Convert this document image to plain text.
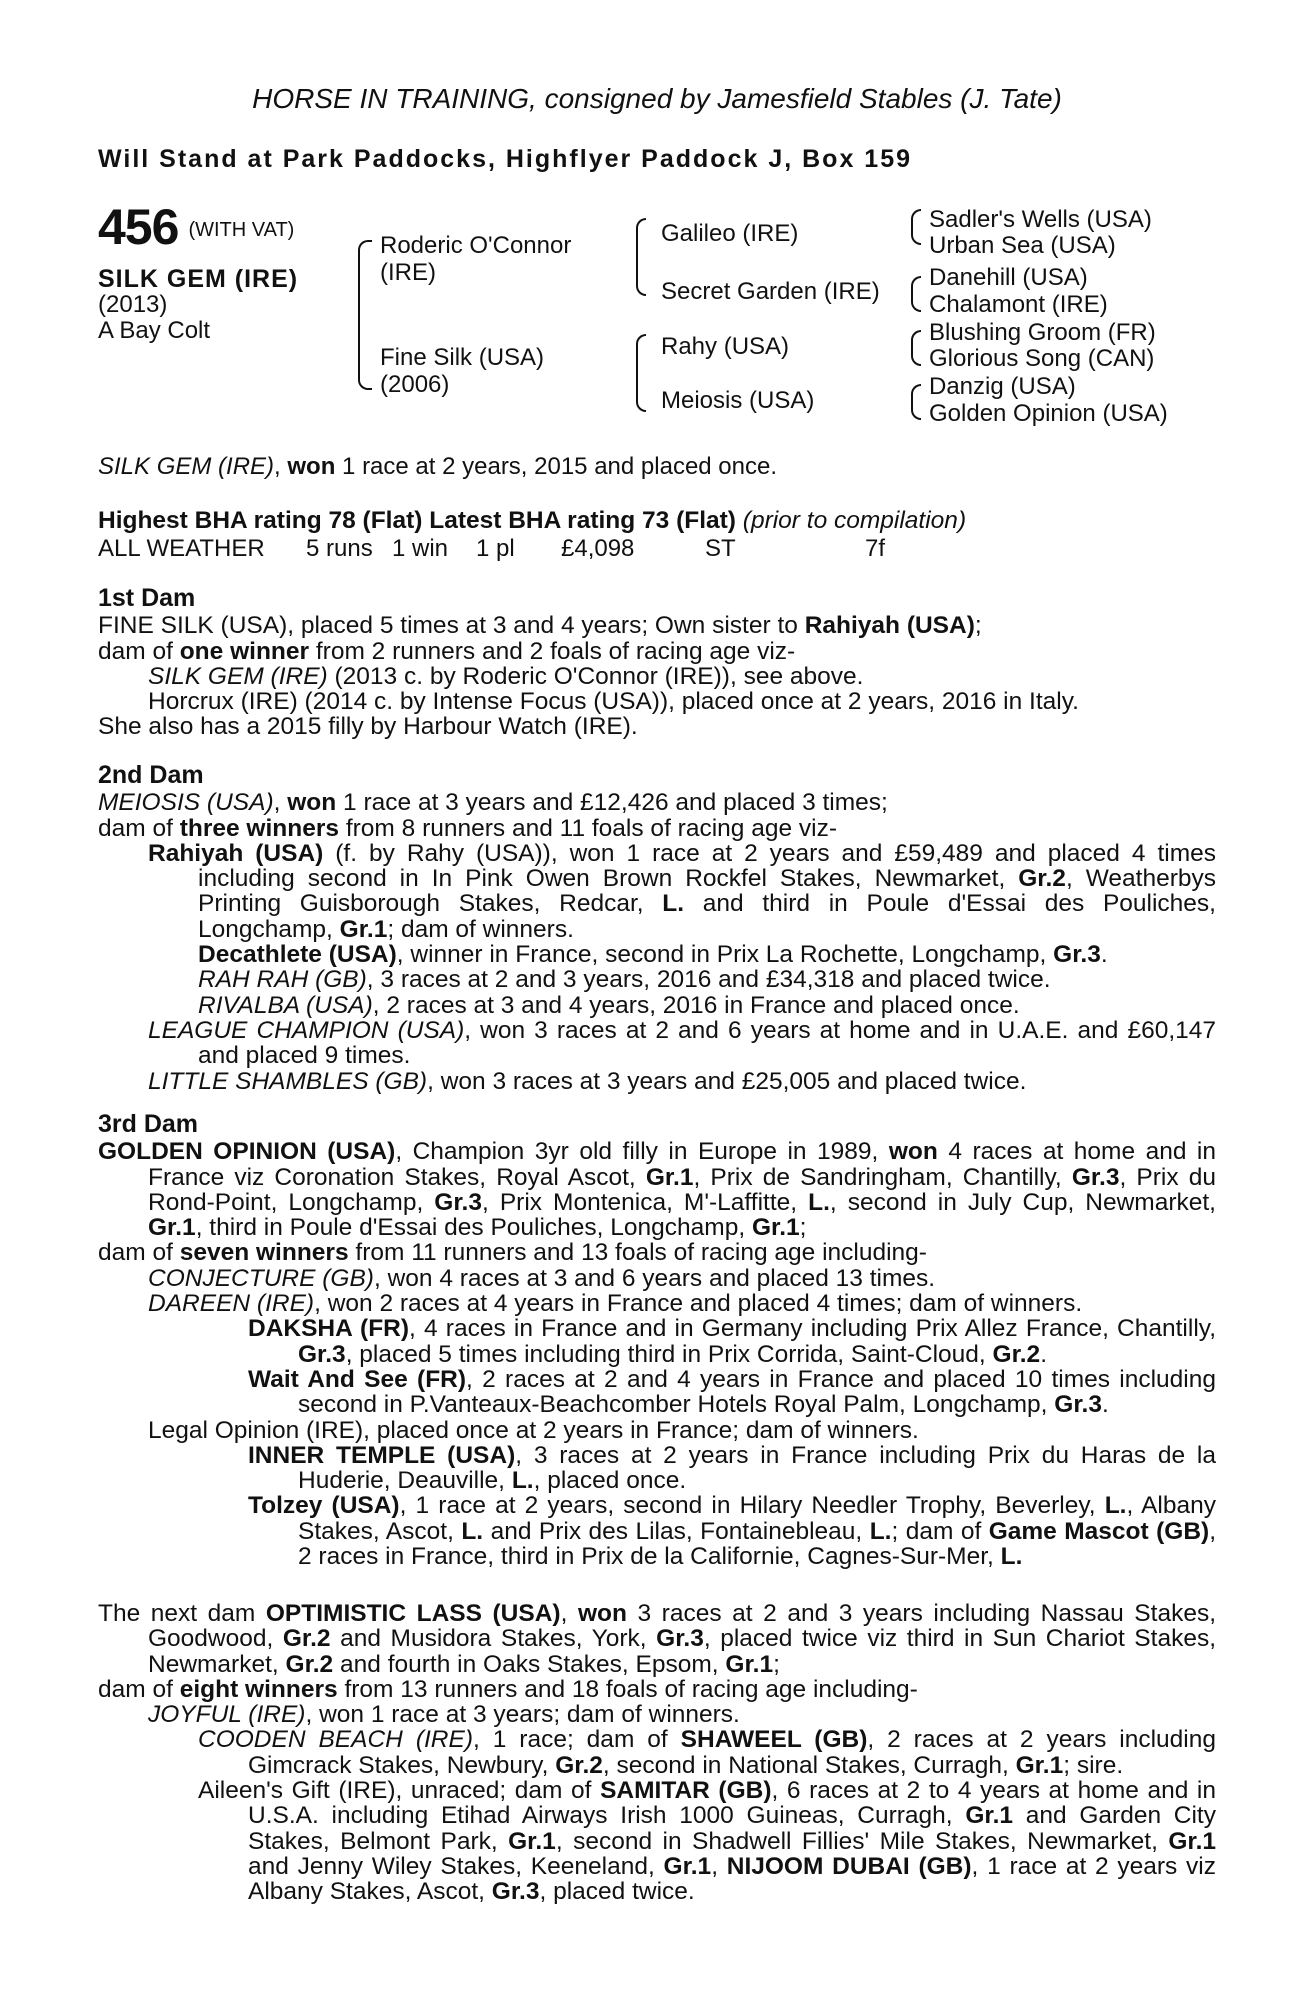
HORSE IN TRAINING, consigned by Jamesfield Stables (J. Tate)
Will Stand at Park Paddocks, Highflyer Paddock J, Box 159
456 (WITH VAT)
SILK GEM (IRE)
(2013)
A Bay Colt
Roderic O'Connor
(IRE)
Fine Silk (USA)
(2006)
Galileo (IRE)
Secret Garden (IRE)
Rahy (USA)
Meiosis (USA)
Sadler's Wells (USA)
Urban Sea (USA)
Danehill (USA)
Chalamont (IRE)
Blushing Groom (FR)
Glorious Song (CAN)
Danzig (USA)
Golden Opinion (USA)
SILK GEM (IRE), won 1 race at 2 years, 2015 and placed once.
Highest BHA rating 78 (Flat) Latest BHA rating 73 (Flat) (prior to compilation)
ALL WEATHER 5 runs 1 win 1 pl £4,098	ST	7f

1st Dam

FINE SILK (USA), placed 5 times at 3 and 4 years; Own sister to Rahiyah (USA);

dam of one winner from 2 runners and 2 foals of racing age viz-

SILK GEM (IRE) (2013 c. by Roderic O'Connor (IRE)), see above.

Horcrux (IRE) (2014 c. by Intense Focus (USA)), placed once at 2 years, 2016 in Italy.

She also has a 2015 filly by Harbour Watch (IRE).

2nd Dam

MEIOSIS (USA), won 1 race at 3 years and £12,426 and placed 3 times;

dam of three winners from 8 runners and 11 foals of racing age viz-

Rahiyah (USA) (f. by Rahy (USA)), won 1 race at 2 years and £59,489 and placed 4 times including second in In Pink Owen Brown Rockfel Stakes, Newmarket, Gr.2, Weatherbys Printing Guisborough Stakes, Redcar, L. and third in Poule d'Essai des Pouliches, Longchamp, Gr.1; dam of winners.

Decathlete (USA), winner in France, second in Prix La Rochette, Longchamp, Gr.3.

RAH RAH (GB), 3 races at 2 and 3 years, 2016 and £34,318 and placed twice.

RIVALBA (USA), 2 races at 3 and 4 years, 2016 in France and placed once.

LEAGUE CHAMPION (USA), won 3 races at 2 and 6 years at home and in U.A.E. and £60,147 and placed 9 times.

LITTLE SHAMBLES (GB), won 3 races at 3 years and £25,005 and placed twice.

3rd Dam

GOLDEN OPINION (USA), Champion 3yr old filly in Europe in 1989, won 4 races at home and in France viz Coronation Stakes, Royal Ascot, Gr.1, Prix de Sandringham, Chantilly, Gr.3, Prix du Rond-Point, Longchamp, Gr.3, Prix Montenica, M'-Laffitte, L., second in July Cup, Newmarket, Gr.1, third in Poule d'Essai des Pouliches, Longchamp, Gr.1;

dam of seven winners from 11 runners and 13 foals of racing age including-

CONJECTURE (GB), won 4 races at 3 and 6 years and placed 13 times.

DAREEN (IRE), won 2 races at 4 years in France and placed 4 times; dam of winners.

DAKSHA (FR), 4 races in France and in Germany including Prix Allez France, Chantilly, Gr.3, placed 5 times including third in Prix Corrida, Saint-Cloud, Gr.2.

Wait And See (FR), 2 races at 2 and 4 years in France and placed 10 times including second in P.Vanteaux-Beachcomber Hotels Royal Palm, Longchamp, Gr.3.

Legal Opinion (IRE), placed once at 2 years in France; dam of winners.

INNER TEMPLE (USA), 3 races at 2 years in France including Prix du Haras de la Huderie, Deauville, L., placed once.

Tolzey (USA), 1 race at 2 years, second in Hilary Needler Trophy, Beverley, L., Albany Stakes, Ascot, L. and Prix des Lilas, Fontainebleau, L.; dam of Game Mascot (GB), 2 races in France, third in Prix de la Californie, Cagnes-Sur-Mer, L.

The next dam OPTIMISTIC LASS (USA), won 3 races at 2 and 3 years including Nassau Stakes, Goodwood, Gr.2 and Musidora Stakes, York, Gr.3, placed twice viz third in Sun Chariot Stakes, Newmarket, Gr.2 and fourth in Oaks Stakes, Epsom, Gr.1;

dam of eight winners from 13 runners and 18 foals of racing age including-

JOYFUL (IRE), won 1 race at 3 years; dam of winners.

COODEN BEACH (IRE), 1 race; dam of SHAWEEL (GB), 2 races at 2 years including Gimcrack Stakes, Newbury, Gr.2, second in National Stakes, Curragh, Gr.1; sire.

Aileen's Gift (IRE), unraced; dam of SAMITAR (GB), 6 races at 2 to 4 years at home and in U.S.A. including Etihad Airways Irish 1000 Guineas, Curragh, Gr.1 and Garden City Stakes, Belmont Park, Gr.1, second in Shadwell Fillies' Mile Stakes, Newmarket, Gr.1 and Jenny Wiley Stakes, Keeneland, Gr.1, NIJOOM DUBAI (GB), 1 race at 2 years viz Albany Stakes, Ascot, Gr.3, placed twice.
